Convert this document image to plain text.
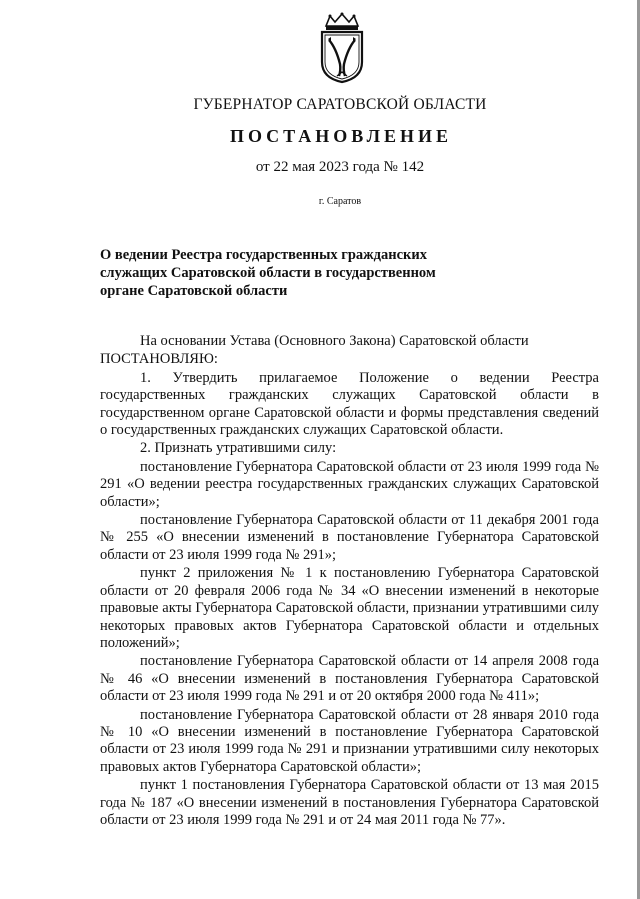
ГУБЕРНАТОР САРАТОВСКОЙ ОБЛАСТИ
ПОСТАНОВЛЕНИЕ
от 22 мая 2023 года № 142
г. Саратов
О ведении Реестра государственных гражданских
служащих Саратовской области в государственном
органе Саратовской области

На основании Устава (Основного Закона) Саратовской области

ПОСТАНОВЛЯЮ:

1. Утвердить прилагаемое Положение о ведении Реестра государственных гражданских служащих Саратовской области в государственном органе Саратовской области и формы представления сведений о государственных гражданских служащих Саратовской области.

2. Признать утратившими силу:

постановление Губернатора Саратовской области от 23 июля 1999 года № 291 «О ведении реестра государственных гражданских служащих Саратовской области»;

постановление Губернатора Саратовской области от 11 декабря 2001 года № 255 «О внесении изменений в постановление Губернатора Саратовской области от 23 июля 1999 года № 291»;

пункт 2 приложения № 1 к постановлению Губернатора Саратовской области от 20 февраля 2006 года № 34 «О внесении изменений в некоторые правовые акты Губернатора Саратовской области, признании утратившими силу некоторых правовых актов Губернатора Саратовской области и отдельных положений»;

постановление Губернатора Саратовской области от 14 апреля 2008 года № 46 «О внесении изменений в постановления Губернатора Саратовской области от 23 июля 1999 года № 291 и от 20 октября 2000 года № 411»;

постановление Губернатора Саратовской области от 28 января 2010 года № 10 «О внесении изменений в постановление Губернатора Саратовской области от 23 июля 1999 года № 291 и признании утратившими силу некоторых правовых актов Губернатора Саратовской области»;

пункт 1 постановления Губернатора Саратовской области от 13 мая 2015 года № 187 «О внесении изменений в постановления Губернатора Саратовской области от 23 июля 1999 года № 291 и от 24 мая 2011 года № 77».
